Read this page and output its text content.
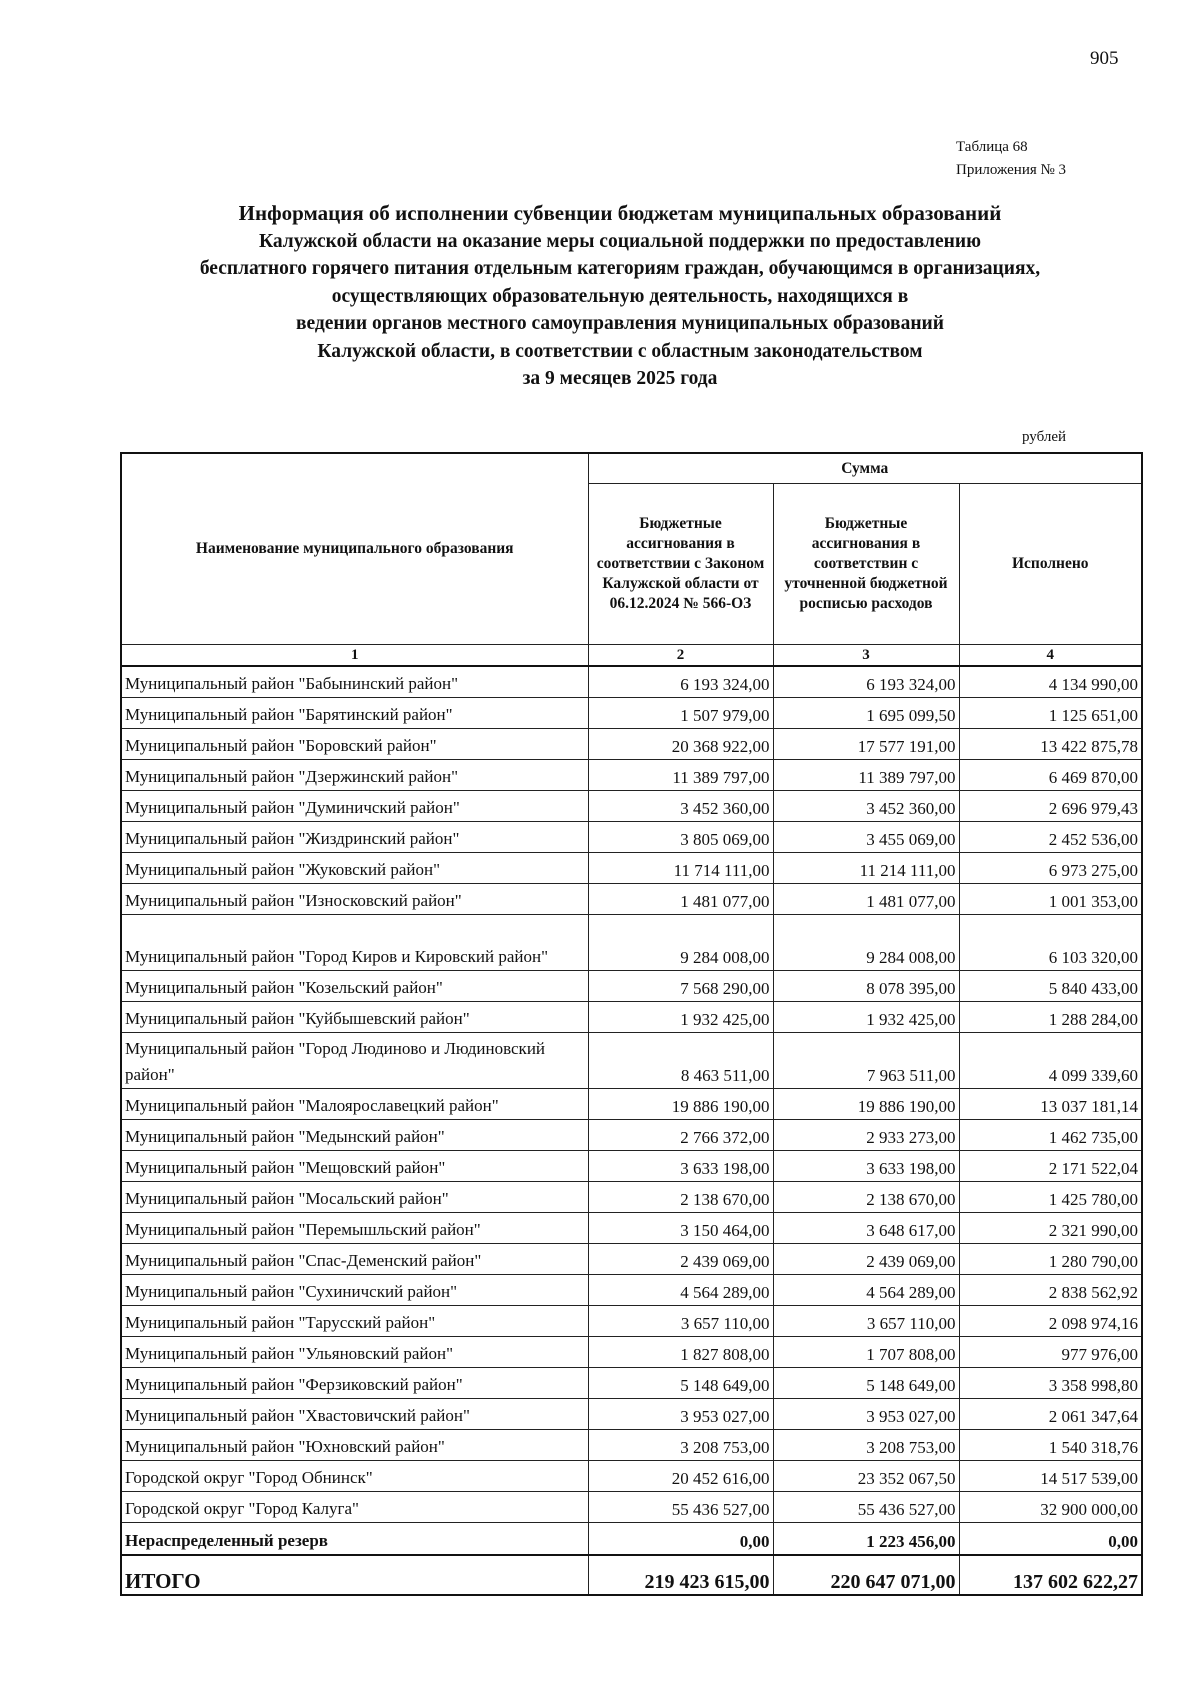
905
Таблица 68
Приложения № 3
Информация об исполнении субвенции бюджетам муниципальных образований
Калужской области на оказание меры социальной поддержки по предоставлению
бесплатного горячего питания отдельным категориям граждан, обучающимся в организациях,
осуществляющих образовательную деятельность, находящихся в
ведении органов местного самоуправления муниципальных образований
Калужской области, в соответствии с областным законодательством
за 9 месяцев 2025 года
рублей
Наименование муниципального образования	Сумма		
	Бюджетные ассигнования в соответствии с Законом Калужской области от 06.12.2024 № 566-ОЗ	Бюджетные ассигнования в соответствин с уточненной бюджетной росписью расходов	Исполнено
1	2	3	4
Муниципальный район "Бабынинский район"	6 193 324,00	6 193 324,00	4 134 990,00
Муниципальный район "Барятинский район"	1 507 979,00	1 695 099,50	1 125 651,00
Муниципальный район "Боровский район"	20 368 922,00	17 577 191,00	13 422 875,78
Муниципальный район "Дзержинский район"	11 389 797,00	11 389 797,00	6 469 870,00
Муниципальный район "Думиничский район"	3 452 360,00	3 452 360,00	2 696 979,43
Муниципальный район "Жиздринский район"	3 805 069,00	3 455 069,00	2 452 536,00
Муниципальный район "Жуковский район"	11 714 111,00	11 214 111,00	6 973 275,00
Муниципальный район "Износковский район"	1 481 077,00	1 481 077,00	1 001 353,00
Муниципальный район "Город Киров и Кировский район"	9 284 008,00	9 284 008,00	6 103 320,00
Муниципальный район "Козельский район"	7 568 290,00	8 078 395,00	5 840 433,00
Муниципальный район "Куйбышевский район"	1 932 425,00	1 932 425,00	1 288 284,00
Муниципальный район "Город Людиново и Людиновский район"	8 463 511,00	7 963 511,00	4 099 339,60
Муниципальный район "Малоярославецкий район"	19 886 190,00	19 886 190,00	13 037 181,14
Муниципальный район "Медынский район"	2 766 372,00	2 933 273,00	1 462 735,00
Муниципальный район "Мещовский район"	3 633 198,00	3 633 198,00	2 171 522,04
Муниципальный район "Мосальский район"	2 138 670,00	2 138 670,00	1 425 780,00
Муниципальный район "Перемышльский район"	3 150 464,00	3 648 617,00	2 321 990,00
Муниципальный район "Спас-Деменский район"	2 439 069,00	2 439 069,00	1 280 790,00
Муниципальный район "Сухиничский район"	4 564 289,00	4 564 289,00	2 838 562,92
Муниципальный район "Тарусский район"	3 657 110,00	3 657 110,00	2 098 974,16
Муниципальный район "Ульяновский район"	1 827 808,00	1 707 808,00	977 976,00
Муниципальный район "Ферзиковский район"	5 148 649,00	5 148 649,00	3 358 998,80
Муниципальный район "Хвастовичский район"	3 953 027,00	3 953 027,00	2 061 347,64
Муниципальный район "Юхновский район"	3 208 753,00	3 208 753,00	1 540 318,76
Городской округ "Город Обнинск"	20 452 616,00	23 352 067,50	14 517 539,00
Городской округ "Город Калуга"	55 436 527,00	55 436 527,00	32 900 000,00
Нераспределенный резерв	0,00	1 223 456,00	0,00
ИТОГО	219 423 615,00	220 647 071,00	137 602 622,27
